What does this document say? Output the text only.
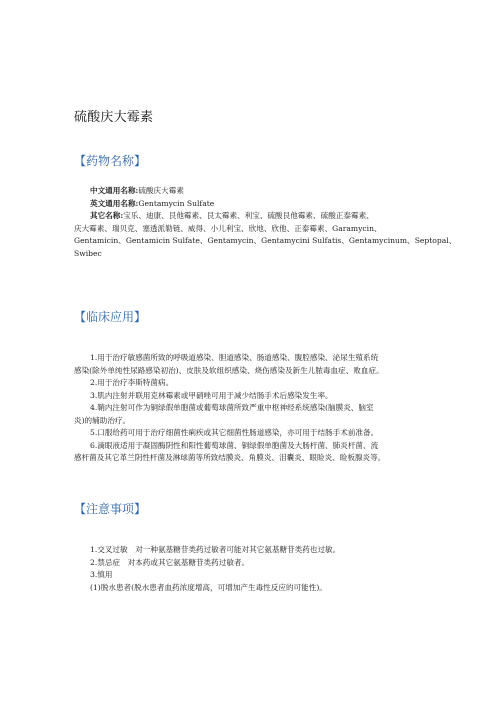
硫酸庆大霉素
【药物名称】
中文通用名称:硫酸庆大霉素
英文通用名称:Gentamycin Sulfate
其它名称:宝乐、迪康、艮他霉素、艮太霉素、利宝、硫酸艮他霉素、硫酸正泰霉素、
庆大霉素、瑞贝克、塞透派勒链、威得、小儿利宝、欣地、欣他、正泰霉素、Garamycin、
Gentamicin、Gentamicin Sulfate、Gentamycin、Gentamycini Sulfatis、Gentamycinum、Septopal、
Swibec
【临床应用】
1.用于治疗敏感菌所致的呼吸道感染、胆道感染、肠道感染、腹腔感染、泌尿生殖系统
感染(除外单纯性尿路感染初治)、皮肤及软组织感染、烧伤感染及新生儿脓毒血症、败血症。
2.用于治疗李斯特菌病。
3.肌内注射并联用克林霉素或甲硝唑可用于减少结肠手术后感染发生率。
4.鞘内注射可作为铜绿假单胞菌或葡萄球菌所致严重中枢神经系统感染(脑膜炎、脑室
炎)的辅助治疗。
5.口服给药可用于治疗细菌性痢疾或其它细菌性肠道感染，亦可用于结肠手术前准备。
6.滴眼液适用于凝固酶阴性和阳性葡萄球菌、铜绿假单胞菌及大肠杆菌、肺炎杆菌、流
感杆菌及其它革兰阴性杆菌及淋球菌等所致结膜炎、角膜炎、泪囊炎、眼睑炎、睑板腺炎等。
【注意事项】
1.交叉过敏　对一种氨基糖苷类药过敏者可能对其它氨基糖苷类药也过敏。
2.禁忌症　对本药或其它氨基糖苷类药过敏者。
3.慎用
(1)脱水患者(脱水患者血药浓度增高，可增加产生毒性反应的可能性)。
